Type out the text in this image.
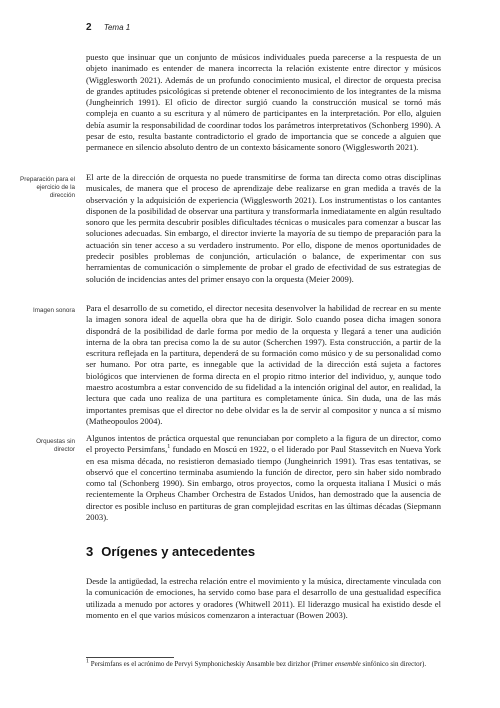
2 Tema 1

puesto que insinuar que un conjunto de músicos individuales pueda parecerse a la respuesta de un objeto inanimado es entender de manera incorrecta la relación existente entre director y músicos (Wigglesworth 2021). Además de un profundo conocimiento musical, el director de orquesta precisa de grandes aptitudes psicológicas si pretende obtener el reconocimiento de los integrantes de la misma (Jungheinrich 1991). El oficio de director surgió cuando la construcción musical se tornó más compleja en cuanto a su escritura y al número de participantes en la interpretación. Por ello, alguien debía asumir la responsabilidad de coordinar todos los parámetros interpretativos (Schonberg 1990). A pesar de esto, resulta bastante contradictorio el grado de importancia que se concede a alguien que permanece en silencio absoluto dentro de un contexto básicamente sonoro (Wigglesworth 2021).

Preparación para el ejercicio de la dirección

El arte de la dirección de orquesta no puede transmitirse de forma tan directa como otras disciplinas musicales, de manera que el proceso de aprendizaje debe realizarse en gran medida a través de la observación y la adquisición de experiencia (Wigglesworth 2021). Los instrumentistas o los cantantes disponen de la posibilidad de observar una partitura y transformarla inmediatamente en algún resultado sonoro que les permita descubrir posibles dificultades técnicas o musicales para comenzar a buscar las soluciones adecuadas. Sin embargo, el director invierte la mayoría de su tiempo de preparación para la actuación sin tener acceso a su verdadero instrumento. Por ello, dispone de menos oportunidades de predecir posibles problemas de conjunción, articulación o balance, de experimentar con sus herramientas de comunicación o simplemente de probar el grado de efectividad de sus estrategias de solución de incidencias antes del primer ensayo con la orquesta (Meier 2009).

Imagen sonora Para el desarrollo de su cometido, el director necesita desenvolver la habilidad de recrear en su mente la imagen sonora ideal de aquella obra que ha de dirigir. Solo cuando posea dicha imagen sonora dispondrá de la posibilidad de darle forma por medio de la orquesta y llegará a tener una audición interna de la obra tan precisa como la de su autor (Scherchen 1997). Esta construcción, a partir de la escritura reflejada en la partitura, dependerá de su formación como músico y de su personalidad como ser humano. Por otra parte, es innegable que la actividad de la dirección está sujeta a factores biológicos que intervienen de forma directa en el propio ritmo interior del individuo, y, aunque todo maestro acostumbra a estar convencido de su fidelidad a la intención original del autor, en realidad, la lectura que cada uno realiza de una partitura es completamente única. Sin duda, una de las más importantes premisas que el director no debe olvidar es la de servir al compositor y nunca a sí mismo (Matheopoulos 2004).

Orquestas sin director

Algunos intentos de práctica orquestal que renunciaban por completo a la figura de un director, como el proyecto Persimfans,$^1$ fundado en Moscú en 1922, o el liderado por Paul Stassevitch en Nueva York en esa misma década, no resistieron demasiado tiempo (Jungheinrich 1991). Tras esas tentativas, se observó que el concertino terminaba asumiendo la función de director, pero sin haber sido nombrado como tal (Schonberg 1990). Sin embargo, otros proyectos, como la orquesta italiana I Musici o más recientemente la Orpheus Chamber Orchestra de Estados Unidos, han demostrado que la ausencia de director es posible incluso en partituras de gran complejidad escritas en las últimas décadas (Siepmann 2003).

3 Orígenes y antecedentes

Desde la antigüedad, la estrecha relación entre el movimiento y la música, directamente vinculada con la comunicación de emociones, ha servido como base para el desarrollo de una gestualidad específica utilizada a menudo por actores y oradores (Whitwell 2011). El liderazgo musical ha existido desde el momento en el que varios músicos comenzaron a interactuar (Bowen 2003).

$^1$ Persimfans es el acrónimo de Pervyi Symphonicheskiy Ansamble bez dirizhor (Primer ensemble sinfónico sin director).
